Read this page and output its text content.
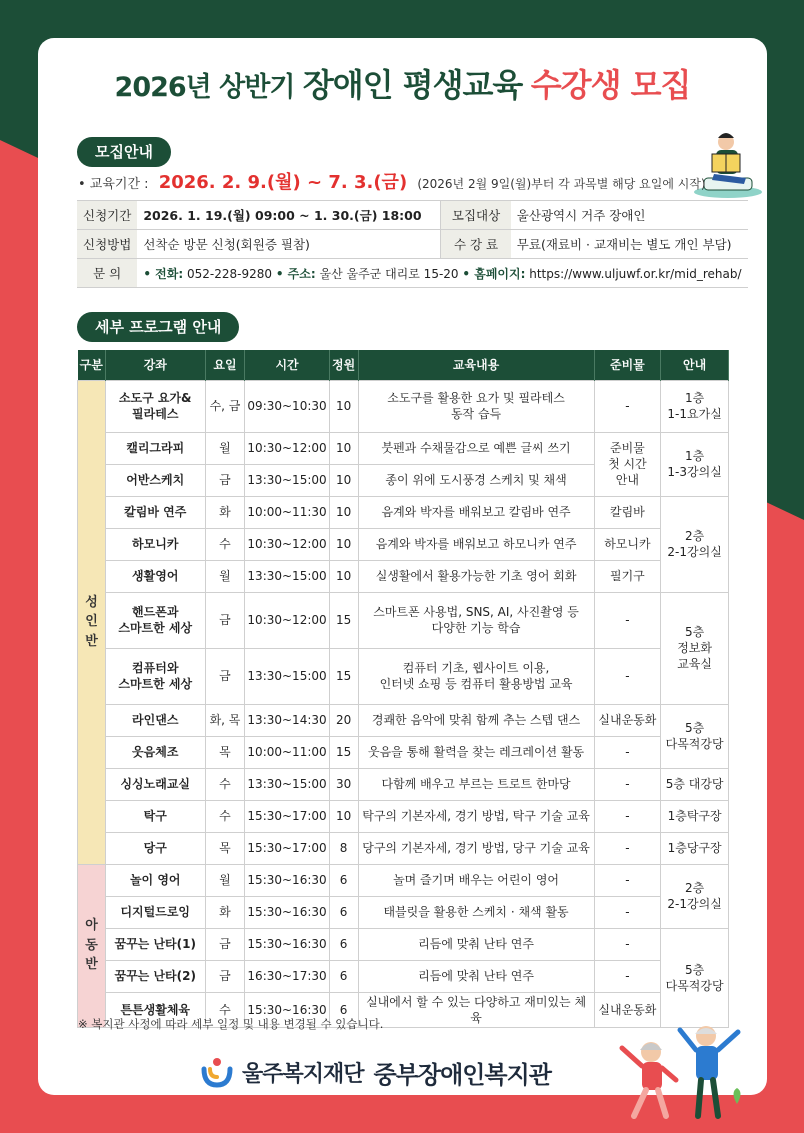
2026년 상반기 장애인 평생교육 수강생 모집
모집안내
• 교육기간 : 2026. 2. 9.(월) ~ 7. 3.(금) (2026년 2월 9일(월)부터 각 과목별 해당 요일에 시작)
신청기간	2026. 1. 19.(월) 09:00 ~ 1. 30.(금) 18:00	모집대상	울산광역시 거주 장애인
신청방법	선착순 방문 신청(회원증 필참)	수 강 료	무료(재료비 · 교재비는 별도 개인 부담)
문 의	• 전화: 052-228-9280 • 주소: 울산 울주군 대리로 15-20 • 홈페이지: https://www.uljuwf.or.kr/mid_rehab/		
세부 프로그램 안내
구분	강좌	요일	시간	정원	교육내용	준비물	안내
성
인
반	소도구 요가&
필라테스	수, 금	09:30~10:30	10	소도구를 활용한 요가 및 필라테스
동작 습득	-	1층
1-1요가실
	캘리그라피	월	10:30~12:00	10	붓펜과 수채물감으로 예쁜 글씨 쓰기	준비물
첫 시간
안내	1층
1-3강의실
	어반스케치	금	13:30~15:00	10	종이 위에 도시풍경 스케치 및 채색		
	칼림바 연주	화	10:00~11:30	10	음계와 박자를 배워보고 칼림바 연주	칼림바	2층
2-1강의실
	하모니카	수	10:30~12:00	10	음계와 박자를 배워보고 하모니카 연주	하모니카	
	생활영어	월	13:30~15:00	10	실생활에서 활용가능한 기초 영어 회화	필기구	
	핸드폰과
스마트한 세상	금	10:30~12:00	15	스마트폰 사용법, SNS, AI, 사진촬영 등
다양한 기능 학습	-	5층
정보화
교육실
	컴퓨터와
스마트한 세상	금	13:30~15:00	15	컴퓨터 기초, 웹사이트 이용,
인터넷 쇼핑 등 컴퓨터 활용방법 교육	-	
	라인댄스	화, 목	13:30~14:30	20	경쾌한 음악에 맞춰 함께 추는 스텝 댄스	실내운동화	5층
다목적강당
	웃음체조	목	10:00~11:00	15	웃음을 통해 활력을 찾는 레크레이션 활동	-	
	싱싱노래교실	수	13:30~15:00	30	다함께 배우고 부르는 트로트 한마당	-	5층 대강당
	탁구	수	15:30~17:00	10	탁구의 기본자세, 경기 방법, 탁구 기술 교육	-	1층탁구장
	당구	목	15:30~17:00	8	당구의 기본자세, 경기 방법, 당구 기술 교육	-	1층당구장
아
동
반	놀이 영어	월	15:30~16:30	6	놀며 즐기며 배우는 어린이 영어	-	2층
2-1강의실
	디지털드로잉	화	15:30~16:30	6	태블릿을 활용한 스케치 · 채색 활동	-	
	꿈꾸는 난타(1)	금	15:30~16:30	6	리듬에 맞춰 난타 연주	-	5층
다목적강당
	꿈꾸는 난타(2)	금	16:30~17:30	6	리듬에 맞춰 난타 연주	-	
	튼튼생활체육	수	15:30~16:30	6	실내에서 할 수 있는 다양하고 재미있는 체육	실내운동화	
※ 복지관 사정에 따라 세부 일정 및 내용 변경될 수 있습니다.
울주복지재단 중부장애인복지관
